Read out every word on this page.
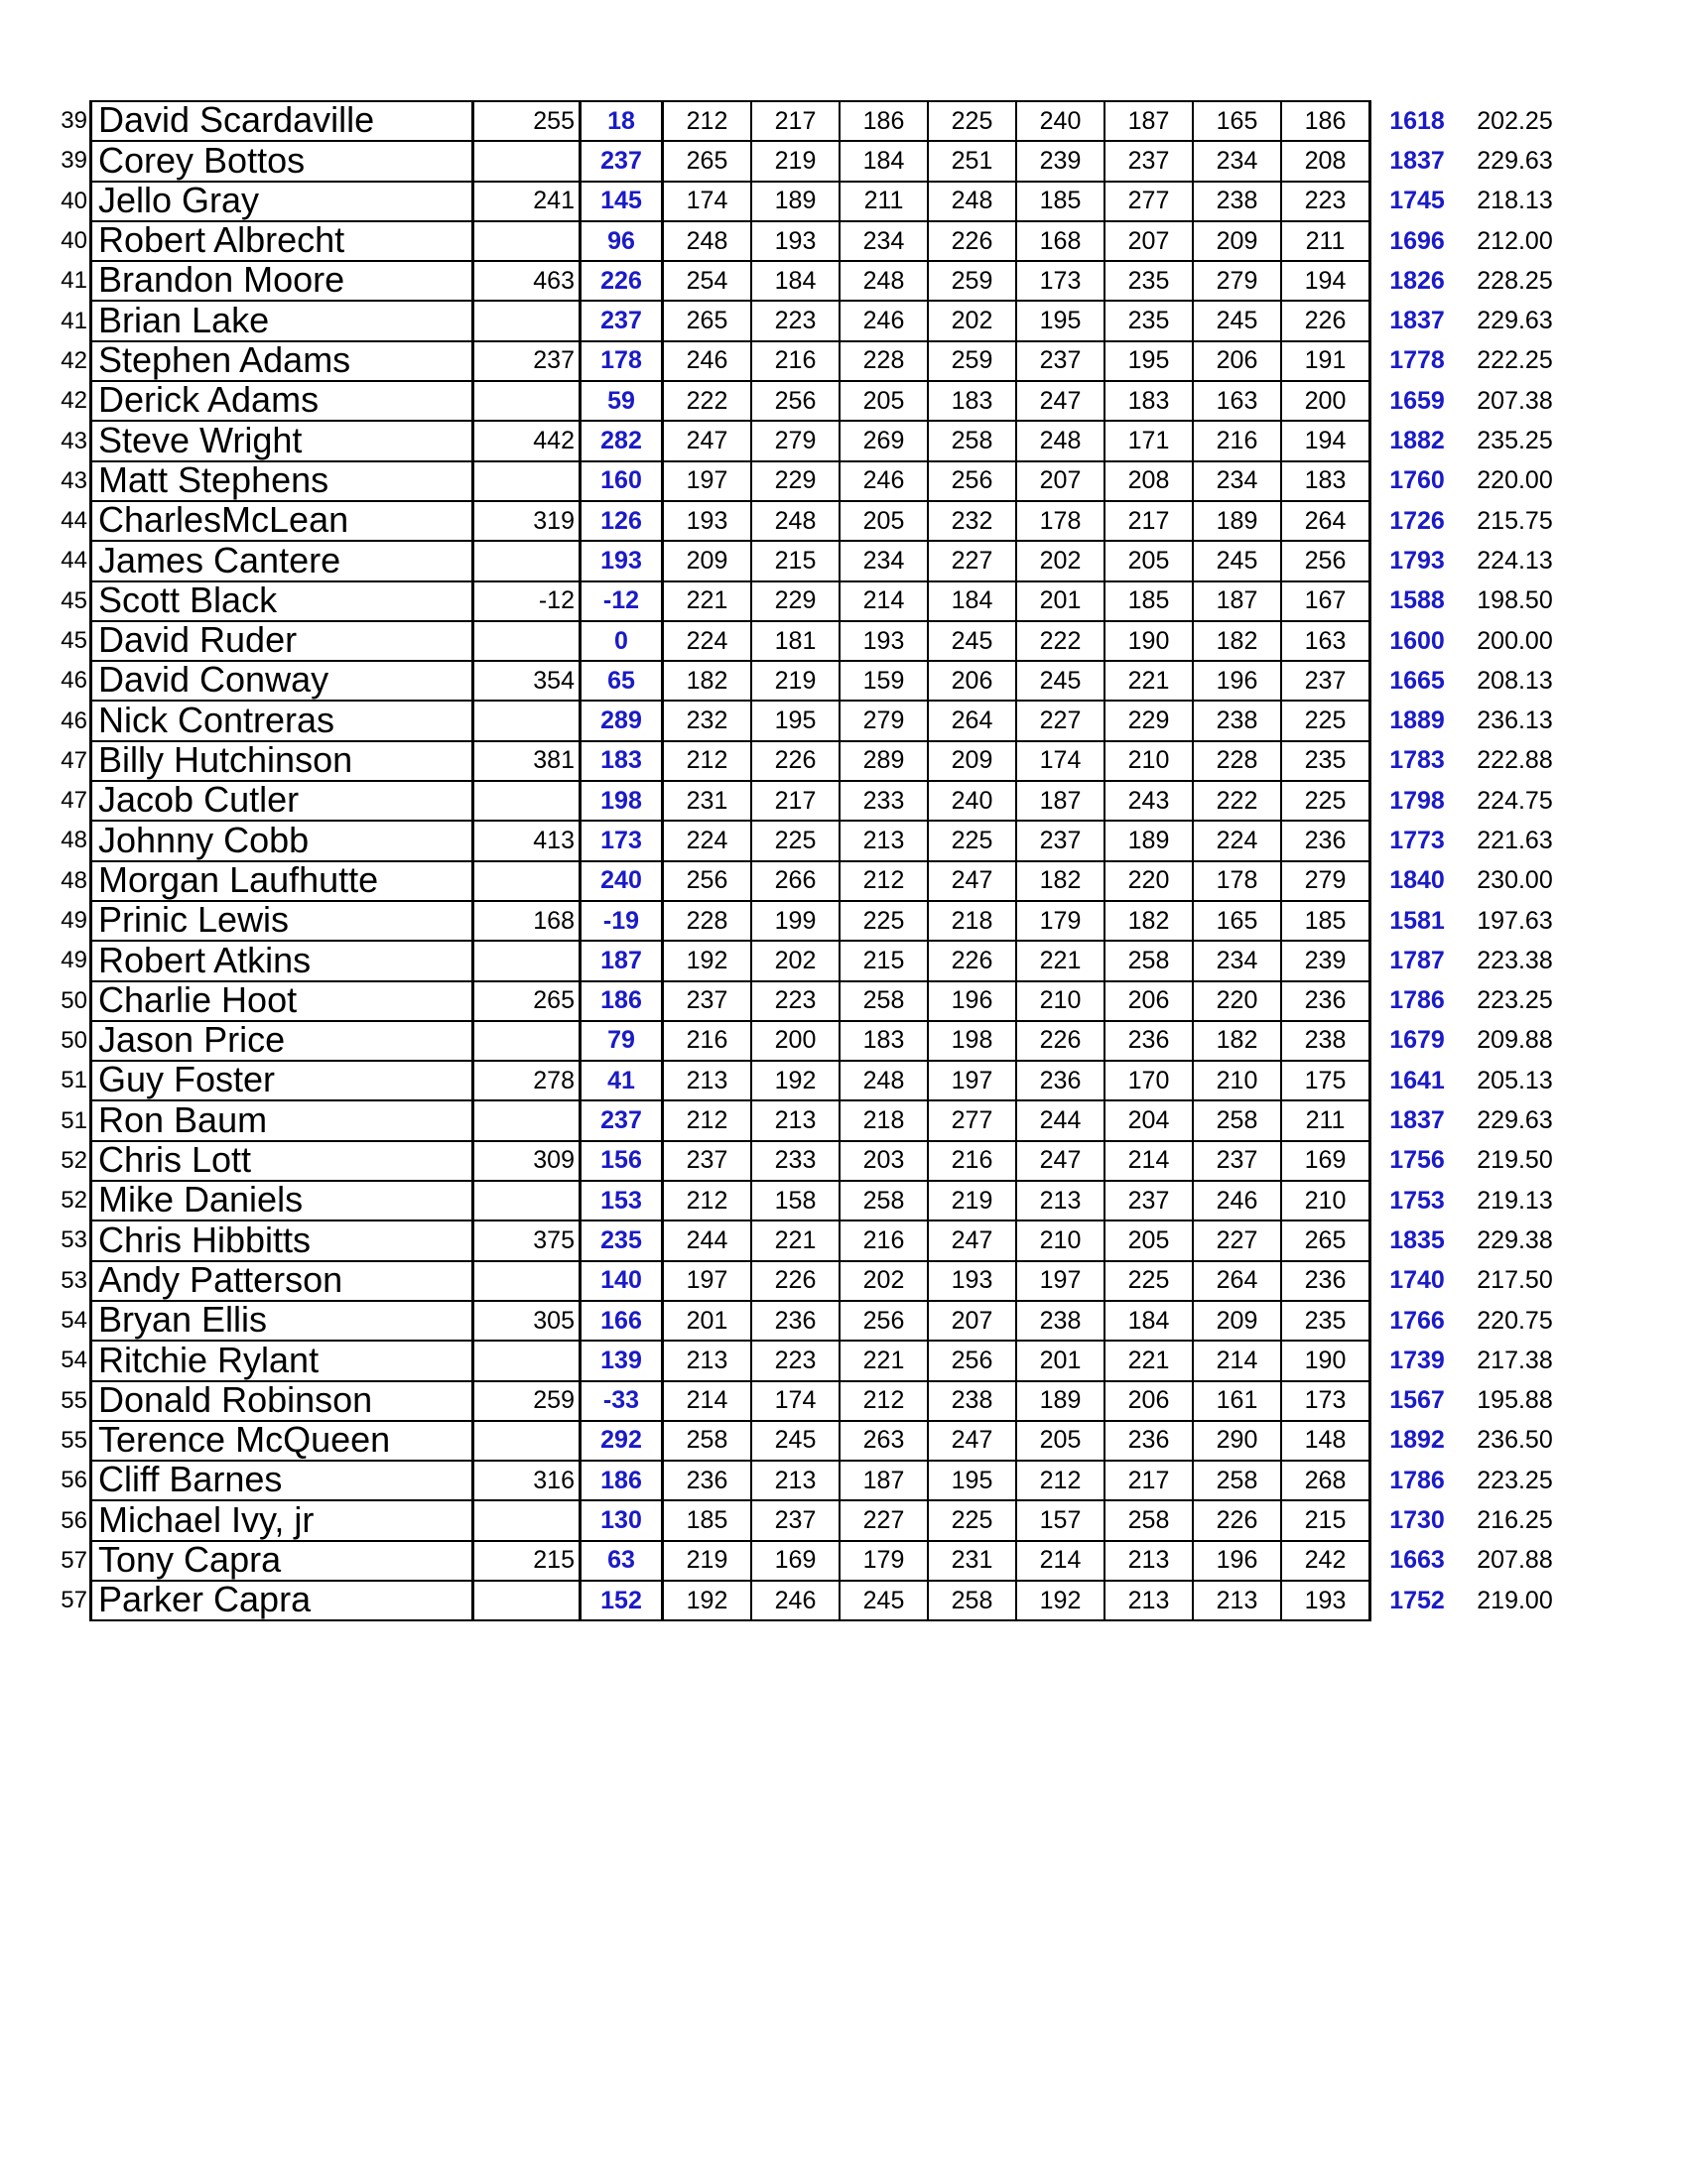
39	David Scardaville	255	18	212	217	186	225	240	187	165	186	1618	202.25
39	Corey Bottos		237	265	219	184	251	239	237	234	208	1837	229.63
40	Jello Gray	241	145	174	189	211	248	185	277	238	223	1745	218.13
40	Robert Albrecht		96	248	193	234	226	168	207	209	211	1696	212.00
41	Brandon Moore	463	226	254	184	248	259	173	235	279	194	1826	228.25
41	Brian Lake		237	265	223	246	202	195	235	245	226	1837	229.63
42	Stephen Adams	237	178	246	216	228	259	237	195	206	191	1778	222.25
42	Derick Adams		59	222	256	205	183	247	183	163	200	1659	207.38
43	Steve Wright	442	282	247	279	269	258	248	171	216	194	1882	235.25
43	Matt Stephens		160	197	229	246	256	207	208	234	183	1760	220.00
44	CharlesMcLean	319	126	193	248	205	232	178	217	189	264	1726	215.75
44	James Cantere		193	209	215	234	227	202	205	245	256	1793	224.13
45	Scott Black	-12	-12	221	229	214	184	201	185	187	167	1588	198.50
45	David Ruder		0	224	181	193	245	222	190	182	163	1600	200.00
46	David Conway	354	65	182	219	159	206	245	221	196	237	1665	208.13
46	Nick Contreras		289	232	195	279	264	227	229	238	225	1889	236.13
47	Billy Hutchinson	381	183	212	226	289	209	174	210	228	235	1783	222.88
47	Jacob Cutler		198	231	217	233	240	187	243	222	225	1798	224.75
48	Johnny Cobb	413	173	224	225	213	225	237	189	224	236	1773	221.63
48	Morgan Laufhutte		240	256	266	212	247	182	220	178	279	1840	230.00
49	Prinic Lewis	168	-19	228	199	225	218	179	182	165	185	1581	197.63
49	Robert Atkins		187	192	202	215	226	221	258	234	239	1787	223.38
50	Charlie Hoot	265	186	237	223	258	196	210	206	220	236	1786	223.25
50	Jason Price		79	216	200	183	198	226	236	182	238	1679	209.88
51	Guy Foster	278	41	213	192	248	197	236	170	210	175	1641	205.13
51	Ron Baum		237	212	213	218	277	244	204	258	211	1837	229.63
52	Chris Lott	309	156	237	233	203	216	247	214	237	169	1756	219.50
52	Mike Daniels		153	212	158	258	219	213	237	246	210	1753	219.13
53	Chris Hibbitts	375	235	244	221	216	247	210	205	227	265	1835	229.38
53	Andy Patterson		140	197	226	202	193	197	225	264	236	1740	217.50
54	Bryan Ellis	305	166	201	236	256	207	238	184	209	235	1766	220.75
54	Ritchie Rylant		139	213	223	221	256	201	221	214	190	1739	217.38
55	Donald Robinson	259	-33	214	174	212	238	189	206	161	173	1567	195.88
55	Terence McQueen		292	258	245	263	247	205	236	290	148	1892	236.50
56	Cliff Barnes	316	186	236	213	187	195	212	217	258	268	1786	223.25
56	Michael Ivy, jr		130	185	237	227	225	157	258	226	215	1730	216.25
57	Tony Capra	215	63	219	169	179	231	214	213	196	242	1663	207.88
57	Parker Capra		152	192	246	245	258	192	213	213	193	1752	219.00
